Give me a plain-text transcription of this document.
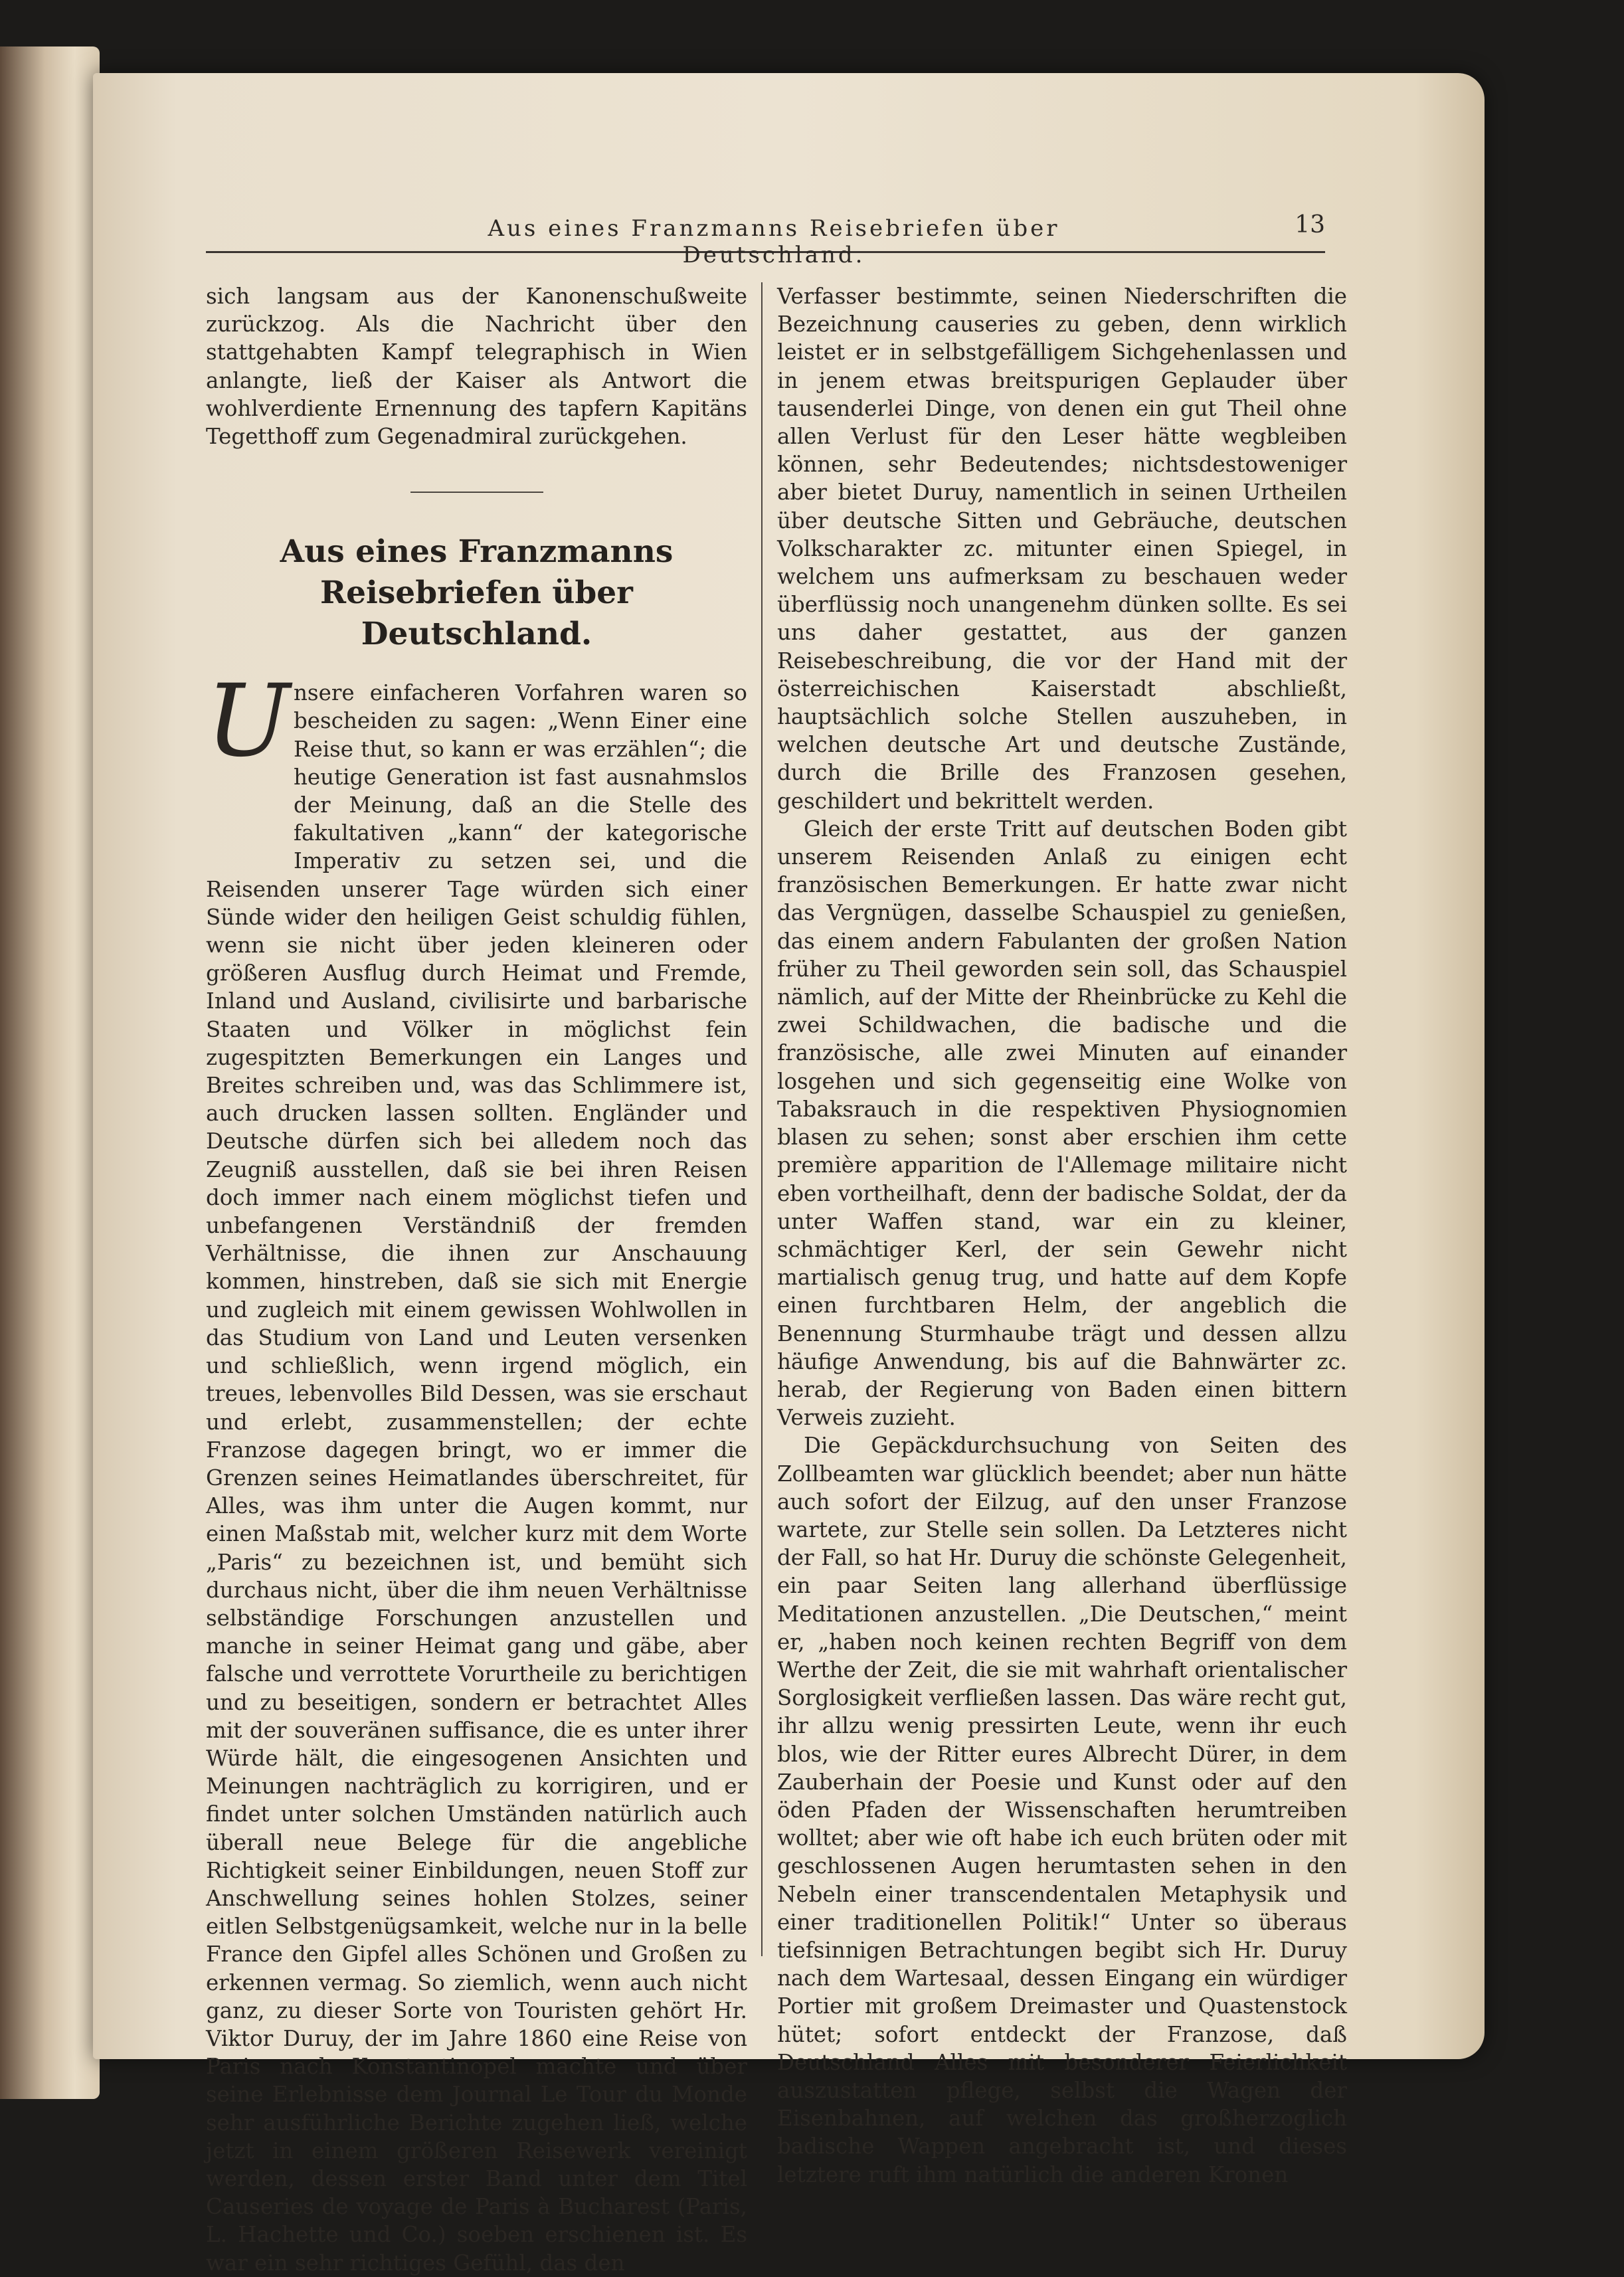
Aus eines Franzmanns Reisebriefen über Deutschland.
13

sich langsam aus der Kanonenschußweite zurückzog. Als die Nachricht über den stattgehabten Kampf telegraphisch in Wien anlangte, ließ der Kaiser als Antwort die wohlverdiente Ernennung des tapfern Kapitäns Tegetthoff zum Gegenadmiral zurückgehen.

Aus eines Franzmanns Reisebriefen über Deutschland.

Unsere einfacheren Vorfahren waren so bescheiden zu sagen: „Wenn Einer eine Reise thut, so kann er was erzählen“; die heutige Generation ist fast ausnahmslos der Meinung, daß an die Stelle des fakultativen „kann“ der kategorische Imperativ zu setzen sei, und die Reisenden unserer Tage würden sich einer Sünde wider den heiligen Geist schuldig fühlen, wenn sie nicht über jeden kleineren oder größeren Ausflug durch Heimat und Fremde, Inland und Ausland, civilisirte und barbarische Staaten und Völker in möglichst fein zugespitzten Bemerkungen ein Langes und Breites schreiben und, was das Schlimmere ist, auch drucken lassen sollten. Engländer und Deutsche dürfen sich bei alledem noch das Zeugniß ausstellen, daß sie bei ihren Reisen doch immer nach einem möglichst tiefen und unbefangenen Verständniß der fremden Verhältnisse, die ihnen zur Anschauung kommen, hinstreben, daß sie sich mit Energie und zugleich mit einem gewissen Wohlwollen in das Studium von Land und Leuten versenken und schließlich, wenn irgend möglich, ein treues, lebenvolles Bild Dessen, was sie erschaut und erlebt, zusammenstellen; der echte Franzose dagegen bringt, wo er immer die Grenzen seines Heimatlandes überschreitet, für Alles, was ihm unter die Augen kommt, nur einen Maßstab mit, welcher kurz mit dem Worte „Paris“ zu bezeichnen ist, und bemüht sich durchaus nicht, über die ihm neuen Verhältnisse selbständige Forschungen anzustellen und manche in seiner Heimat gang und gäbe, aber falsche und verrottete Vorurtheile zu berichtigen und zu beseitigen, sondern er betrachtet Alles mit der souveränen suffisance, die es unter ihrer Würde hält, die eingesogenen Ansichten und Meinungen nachträglich zu korrigiren, und er findet unter solchen Umständen natürlich auch überall neue Belege für die angebliche Richtigkeit seiner Einbildungen, neuen Stoff zur Anschwellung seines hohlen Stolzes, seiner eitlen Selbstgenügsamkeit, welche nur in la belle France den Gipfel alles Schönen und Großen zu erkennen vermag. So ziemlich, wenn auch nicht ganz, zu dieser Sorte von Touristen gehört Hr. Viktor Duruy, der im Jahre 1860 eine Reise von Paris nach Konstantinopel machte und über seine Erlebnisse dem Journal Le Tour du Monde sehr ausführliche Berichte zugehen ließ, welche jetzt in einem größeren Reisewerk vereinigt werden, dessen erster Band unter dem Titel Causeries de voyage de Paris à Bucharest (Paris, L. Hachette und Co.) soeben erschienen ist. Es war ein sehr richtiges Gefühl, das den

Verfasser bestimmte, seinen Niederschriften die Bezeichnung causeries zu geben, denn wirklich leistet er in selbstgefälligem Sichgehenlassen und in jenem etwas breitspurigen Geplauder über tausenderlei Dinge, von denen ein gut Theil ohne allen Verlust für den Leser hätte wegbleiben können, sehr Bedeutendes; nichtsdestoweniger aber bietet Duruy, namentlich in seinen Urtheilen über deutsche Sitten und Gebräuche, deutschen Volkscharakter zc. mitunter einen Spiegel, in welchem uns aufmerksam zu beschauen weder überflüssig noch unangenehm dünken sollte. Es sei uns daher gestattet, aus der ganzen Reisebeschreibung, die vor der Hand mit der österreichischen Kaiserstadt abschließt, hauptsächlich solche Stellen auszuheben, in welchen deutsche Art und deutsche Zustände, durch die Brille des Franzosen gesehen, geschildert und bekrittelt werden.

Gleich der erste Tritt auf deutschen Boden gibt unserem Reisenden Anlaß zu einigen echt französischen Bemerkungen. Er hatte zwar nicht das Vergnügen, dasselbe Schauspiel zu genießen, das einem andern Fabulanten der großen Nation früher zu Theil geworden sein soll, das Schauspiel nämlich, auf der Mitte der Rheinbrücke zu Kehl die zwei Schildwachen, die badische und die französische, alle zwei Minuten auf einander losgehen und sich gegenseitig eine Wolke von Tabaksrauch in die respektiven Physiognomien blasen zu sehen; sonst aber erschien ihm cette première apparition de l'Allemage militaire nicht eben vortheilhaft, denn der badische Soldat, der da unter Waffen stand, war ein zu kleiner, schmächtiger Kerl, der sein Gewehr nicht martialisch genug trug, und hatte auf dem Kopfe einen furchtbaren Helm, der angeblich die Benennung Sturmhaube trägt und dessen allzu häufige Anwendung, bis auf die Bahnwärter zc. herab, der Regierung von Baden einen bittern Verweis zuzieht.

Die Gepäckdurchsuchung von Seiten des Zollbeamten war glücklich beendet; aber nun hätte auch sofort der Eilzug, auf den unser Franzose wartete, zur Stelle sein sollen. Da Letzteres nicht der Fall, so hat Hr. Duruy die schönste Gelegenheit, ein paar Seiten lang allerhand überflüssige Meditationen anzustellen. „Die Deutschen,“ meint er, „haben noch keinen rechten Begriff von dem Werthe der Zeit, die sie mit wahrhaft orientalischer Sorglosigkeit verfließen lassen. Das wäre recht gut, ihr allzu wenig pressirten Leute, wenn ihr euch blos, wie der Ritter eures Albrecht Dürer, in dem Zauberhain der Poesie und Kunst oder auf den öden Pfaden der Wissenschaften herumtreiben wolltet; aber wie oft habe ich euch brüten oder mit geschlossenen Augen herumtasten sehen in den Nebeln einer transcendentalen Metaphysik und einer traditionellen Politik!“ Unter so überaus tiefsinnigen Betrachtungen begibt sich Hr. Duruy nach dem Wartesaal, dessen Eingang ein würdiger Portier mit großem Dreimaster und Quastenstock hütet; sofort entdeckt der Franzose, daß Deutschland Alles mit besonderer Feierlichkeit auszustatten pflege, selbst die Wagen der Eisenbahnen, auf welchen das großherzoglich badische Wappen angebracht ist, und dieses letztere ruft ihm natürlich die anderen Kronen
